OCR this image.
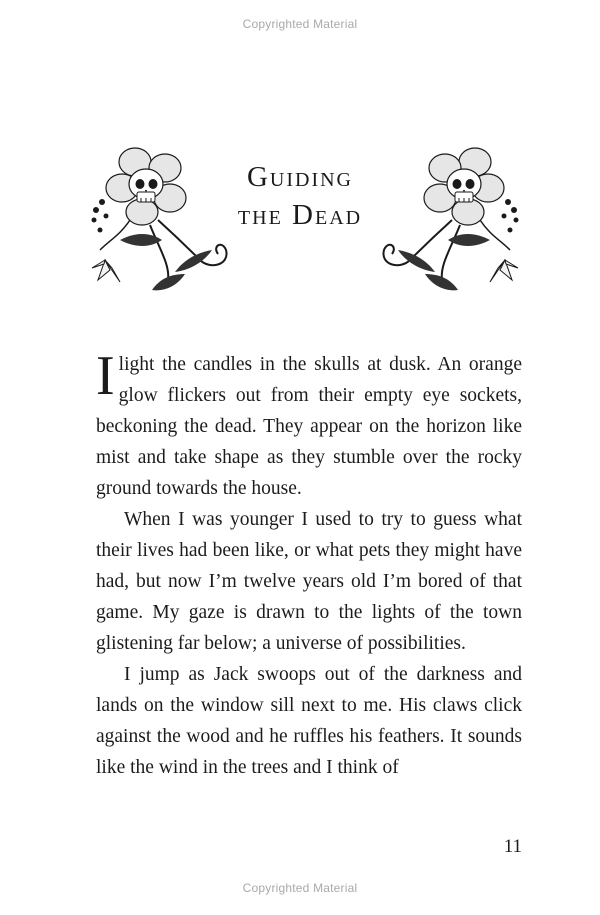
Copyrighted Material
Guiding
the Dead

Ilight the candles in the skulls at dusk. An orange glow flickers out from their empty eye sockets, beckoning the dead. They appear on the horizon like mist and take shape as they stumble over the rocky ground towards the house.

When I was younger I used to try to guess what their lives had been like, or what pets they might have had, but now I’m twelve years old I’m bored of that game. My gaze is drawn to the lights of the town glistening far below; a universe of possibilities.

I jump as Jack swoops out of the darkness and lands on the window sill next to me. His claws click against the wood and he ruffles his feathers. It sounds like the wind in the trees and I think of

11
Copyrighted Material
